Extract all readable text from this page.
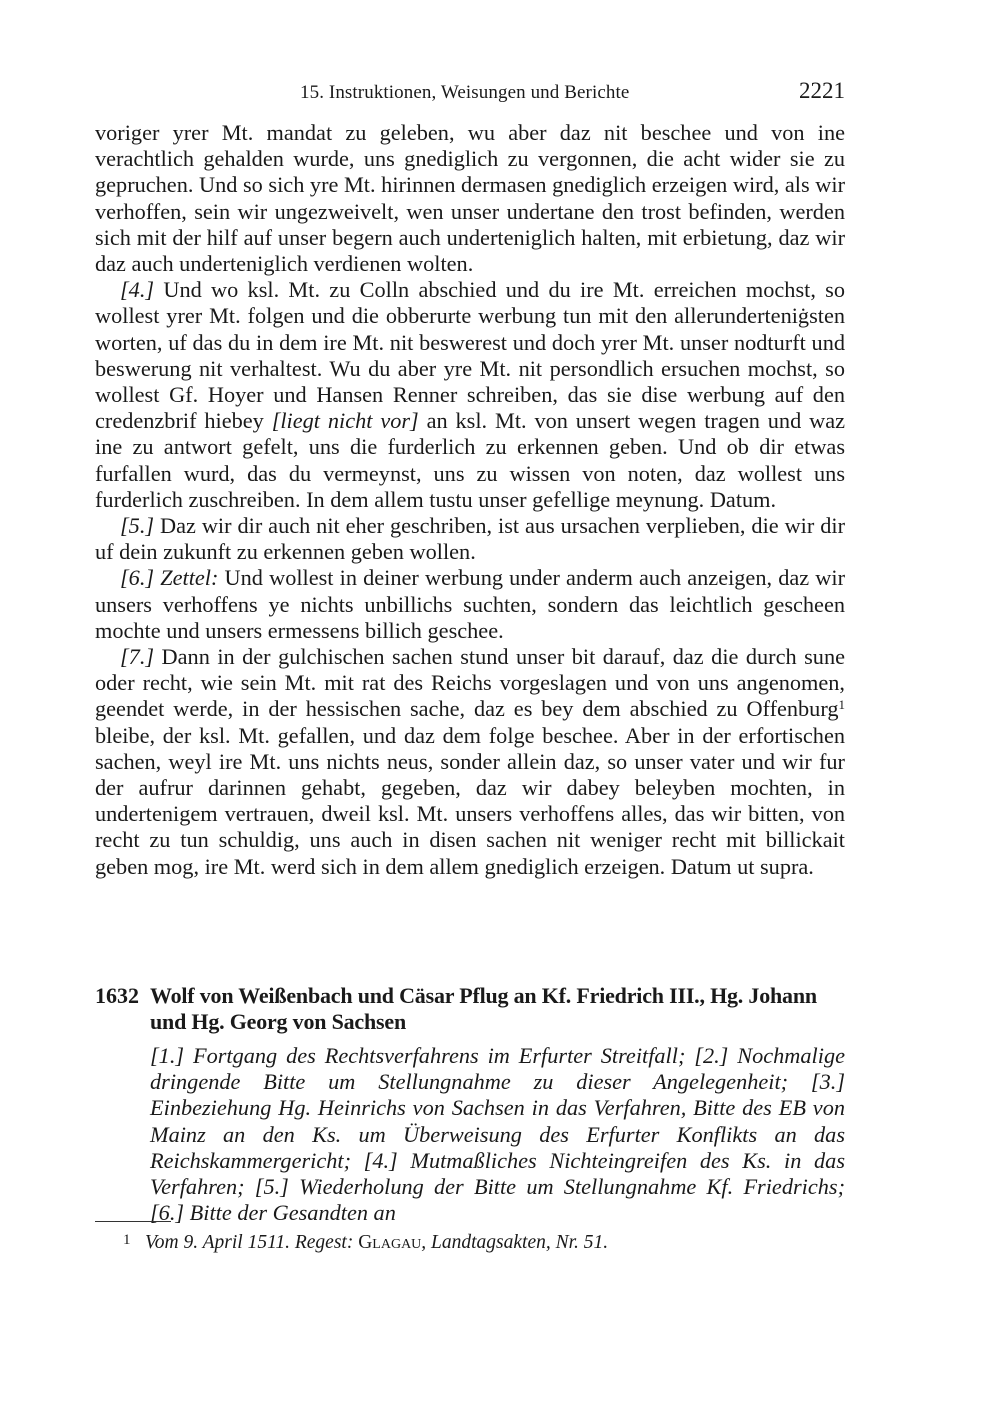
15. Instruktionen, Weisungen und Berichte	2221

voriger yrer Mt. mandat zu geleben, wu aber daz nit beschee und von ine verachtlich gehalden wurde, uns gnediglich zu vergonnen, die acht wider sie zu gepruchen. Und so sich yre Mt. hirinnen dermasen gnediglich erzeigen wird, als wir verhoffen, sein wir ungezweivelt, wen unser undertane den trost befinden, werden sich mit der hilf auf unser begern auch underteniglich halten, mit erbietung, daz wir daz auch underteniglich verdienen wolten.

[4.] Und wo ksl. Mt. zu Colln abschied und du ire Mt. erreichen mochst, so wollest yrer Mt. folgen und die obberurte werbung tun mit den allerunderteniġsten worten, uf das du in dem ire Mt. nit beswerest und doch yrer Mt. unser nodturft und beswerung nit verhaltest. Wu du aber yre Mt. nit persondlich ersuchen mochst, so wollest Gf. Hoyer und Hansen Renner schreiben, das sie dise werbung auf den credenzbrif hiebey [liegt nicht vor] an ksl. Mt. von unsert wegen tragen und waz ine zu antwort gefelt, uns die furderlich zu erkennen geben. Und ob dir etwas furfallen wurd, das du vermeynst, uns zu wissen von noten, daz wollest uns furderlich zuschreiben. In dem allem tustu unser gefellige meynung. Datum.

[5.] Daz wir dir auch nit eher geschriben, ist aus ursachen verplieben, die wir dir uf dein zukunft zu erkennen geben wollen.

[6.] Zettel: Und wollest in deiner werbung under anderm auch anzeigen, daz wir unsers verhoffens ye nichts unbillichs suchten, sondern das leichtlich gescheen mochte und unsers ermessens billich geschee.

[7.] Dann in der gulchischen sachen stund unser bit darauf, daz die durch sune oder recht, wie sein Mt. mit rat des Reichs vorgeslagen und von uns angenomen, geendet werde, in der hessischen sache, daz es bey dem abschied zu Offenburg$^1$ bleibe, der ksl. Mt. gefallen, und daz dem folge beschee. Aber in der erfortischen sachen, weyl ire Mt. uns nichts neus, sonder allein daz, so unser vater und wir fur der aufrur darinnen gehabt, gegeben, daz wir dabey beleyben mochten, in undertenigem vertrauen, dweil ksl. Mt. unsers verhoffens alles, das wir bitten, von recht zu tun schuldig, uns auch in disen sachen nit weniger recht mit billickait geben mog, ire Mt. werd sich in dem allem gnediglich erzeigen. Datum ut supra.

1632 Wolf von Weißenbach und Cäsar Pflug an Kf. Friedrich III., Hg. Johann und Hg. Georg von Sachsen
[1.] Fortgang des Rechtsverfahrens im Erfurter Streitfall; [2.] Nochmalige dringende Bitte um Stellungnahme zu dieser Angelegenheit; [3.] Einbeziehung Hg. Heinrichs von Sachsen in das Verfahren, Bitte des EB von Mainz an den Ks. um Überweisung des Erfurter Konflikts an das Reichskammergericht; [4.] Mutmaßliches Nichteingreifen des Ks. in das Verfahren; [5.] Wiederholung der Bitte um Stellungnahme Kf. Friedrichs; [6.] Bitte der Gesandten an
1 Vom 9. April 1511. Regest: Glagau, Landtagsakten, Nr. 51.
